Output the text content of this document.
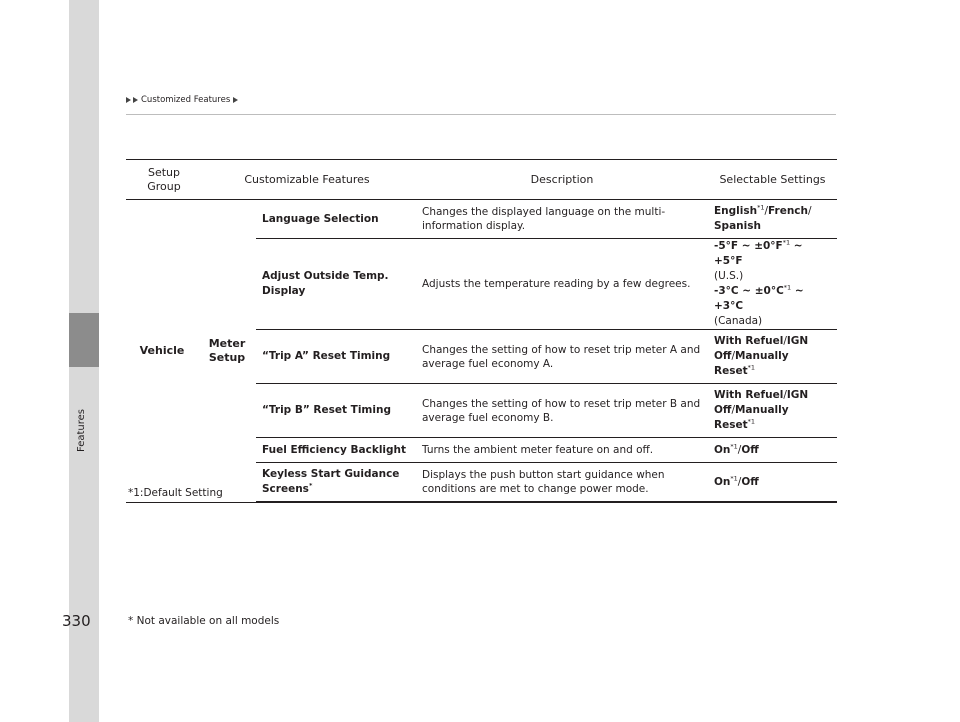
Features
Customized Features
Setup Group	Customizable Features		Description	Selectable Settings
Vehicle	Meter Setup	Language Selection	Changes the displayed language on the multi-information display.	English$^{*1}$/French/
Spanish
		Adjust Outside Temp. Display	Adjusts the temperature reading by a few degrees.	-5°F ~ $\pm 0^\circ F^{*1}$ ~ +5°F
(U.S.)
-3°C ~ $\pm 0^\circ C^{*1}$ ~ +3°C
(Canada)
		“Trip A” Reset Timing	Changes the setting of how to reset trip meter A and average fuel economy A.	With Refuel/IGN Off/Manually Reset$^{*1}$
		“Trip B” Reset Timing	Changes the setting of how to reset trip meter B and average fuel economy B.	With Refuel/IGN Off/Manually Reset$^{*1}$
		Fuel Efficiency Backlight	Turns the ambient meter feature on and off.	On$^{*1}$/Off
		Keyless Start Guidance Screens*	Displays the push button start guidance when conditions are met to change power mode.	On$^{*1}$/Off

*1:Default Setting
330	* Not available on all models
